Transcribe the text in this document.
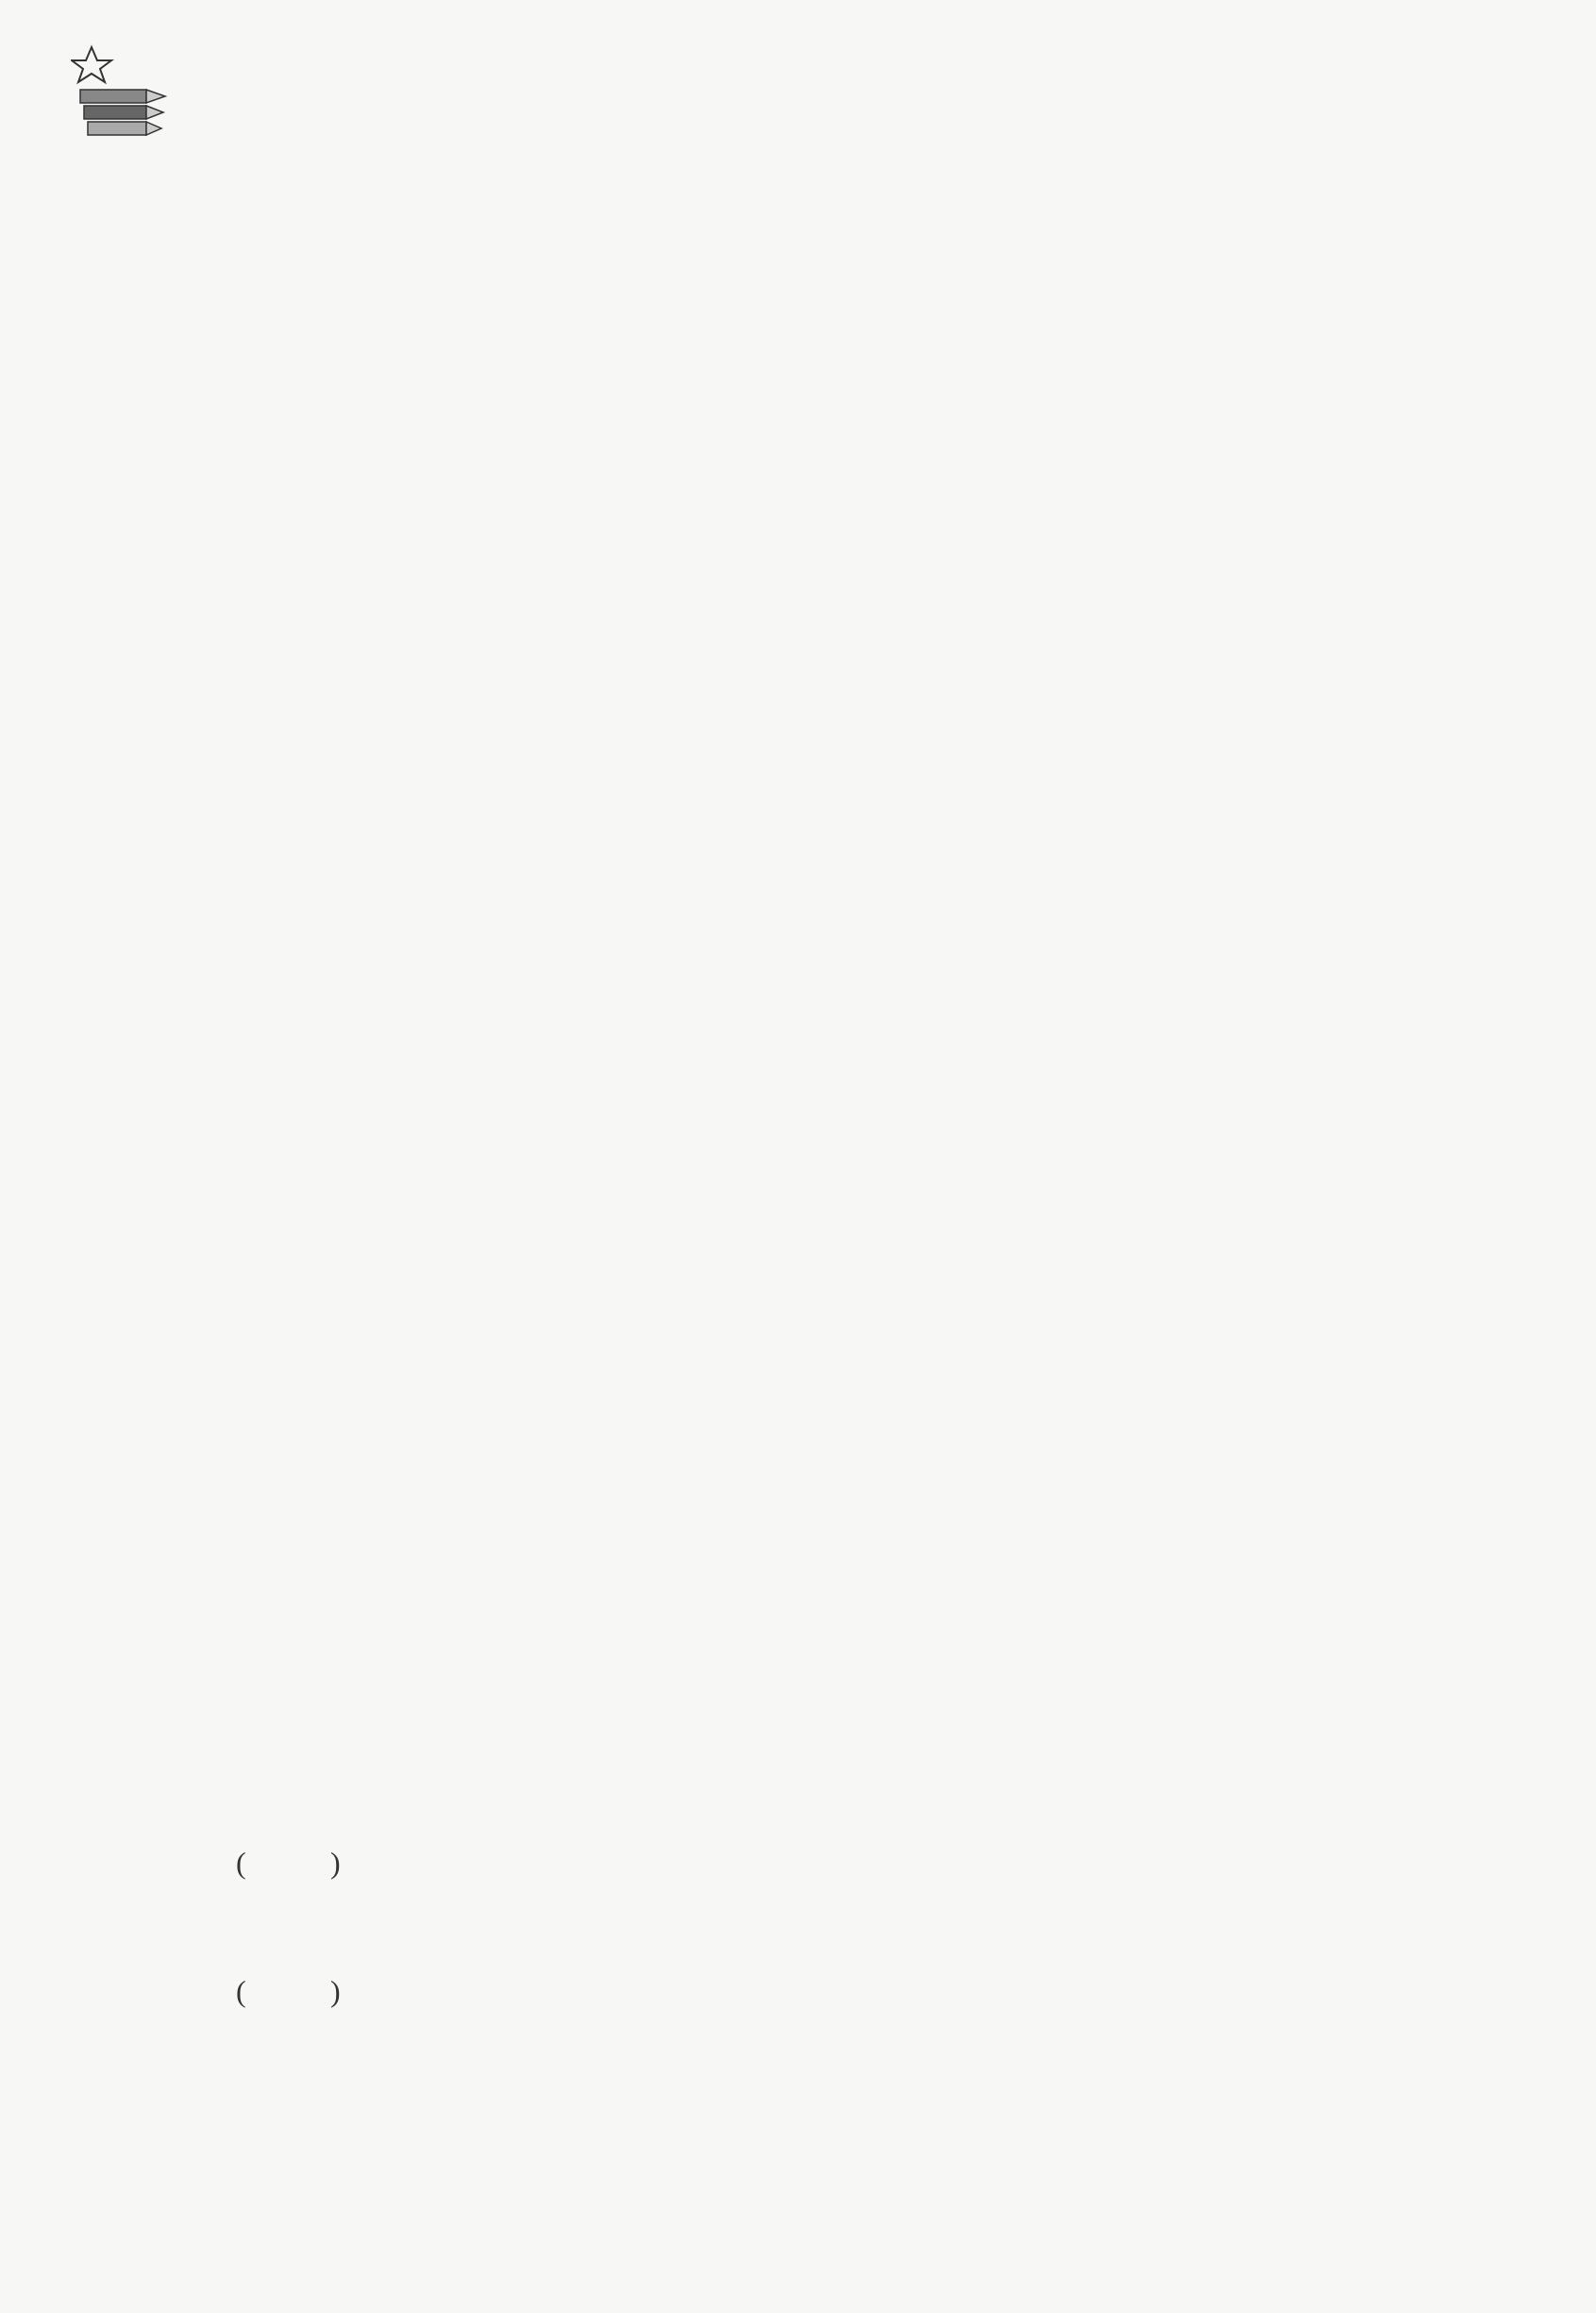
(	)
(	)
